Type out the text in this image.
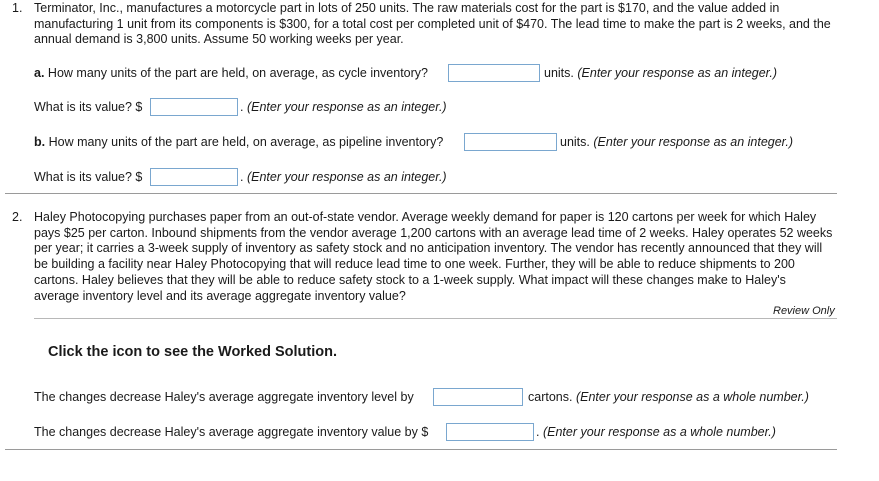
1. Terminator, Inc., manufactures a motorcycle part in lots of 250 units. The raw materials cost for the part is $170, and the value added in manufacturing 1 unit from its components is $300, for a total cost per completed unit of $470. The lead time to make the part is 2 weeks, and the annual demand is 3,800 units. Assume 50 working weeks per year.
a. How many units of the part are held, on average, as cycle inventory?	units. (Enter your response as an integer.)
What is its value? $	. (Enter your response as an integer.)
b. How many units of the part are held, on average, as pipeline inventory?	units. (Enter your response as an integer.)
What is its value? $	. (Enter your response as an integer.)
2. Haley Photocopying purchases paper from an out-of-state vendor. Average weekly demand for paper is 120 cartons per week for which Haley pays $25 per carton. Inbound shipments from the vendor average 1,200 cartons with an average lead time of 2 weeks. Haley operates 52 weeks per year; it carries a 3-week supply of inventory as safety stock and no anticipation inventory. The vendor has recently announced that they will be building a facility near Haley Photocopying that will reduce lead time to one week. Further, they will be able to reduce shipments to 200 cartons. Haley believes that they will be able to reduce safety stock to a 1-week supply. What impact will these changes make to Haley's average inventory level and its average aggregate inventory value?
Review Only
Click the icon to see the Worked Solution.
The changes decrease Haley's average aggregate inventory level by	cartons. (Enter your response as a whole number.)
The changes decrease Haley's average aggregate inventory value by $	. (Enter your response as a whole number.)
